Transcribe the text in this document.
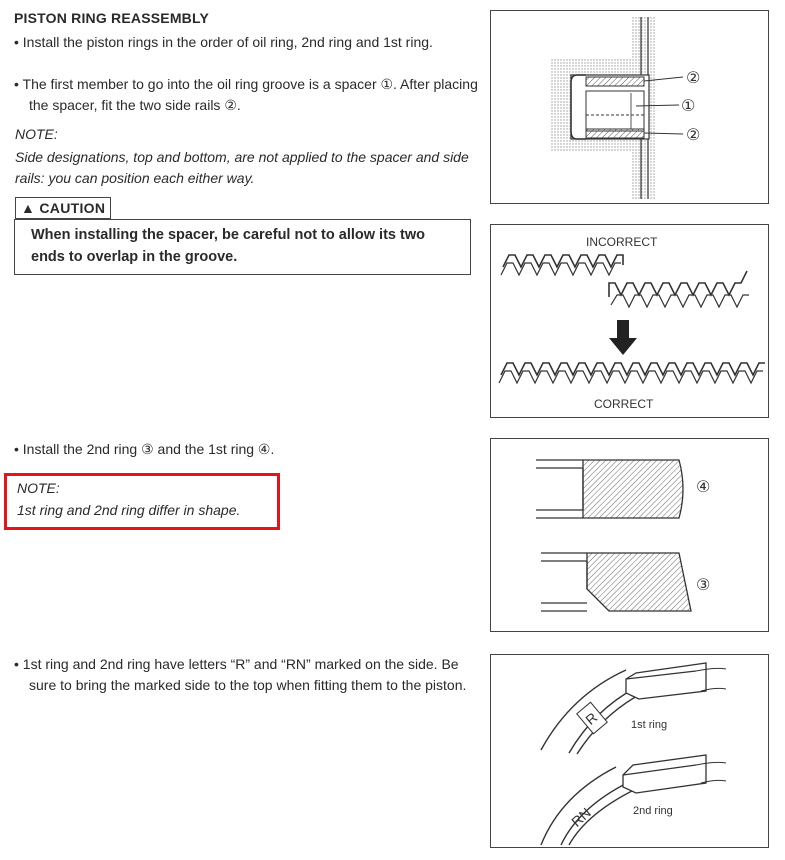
PISTON RING REASSEMBLY
• Install the piston rings in the order of oil ring, 2nd ring and 1st ring.
• The first member to go into the oil ring groove is a spacer ①. After placing the spacer, fit the two side rails ②.
NOTE:
Side designations, top and bottom, are not applied to the spacer and side rails: you can position each either way.
▲ CAUTION
When installing the spacer, be careful not to allow its two ends to overlap in the groove.
• Install the 2nd ring ③ and the 1st ring ④.
NOTE:
1st ring and 2nd ring differ in shape.
• 1st ring and 2nd ring have letters “R” and “RN” marked on the side. Be sure to bring the marked side to the top when fitting them to the piston.
②
①
②
INCORRECT
CORRECT
④
③
R	1st ring
RN	2nd ring
